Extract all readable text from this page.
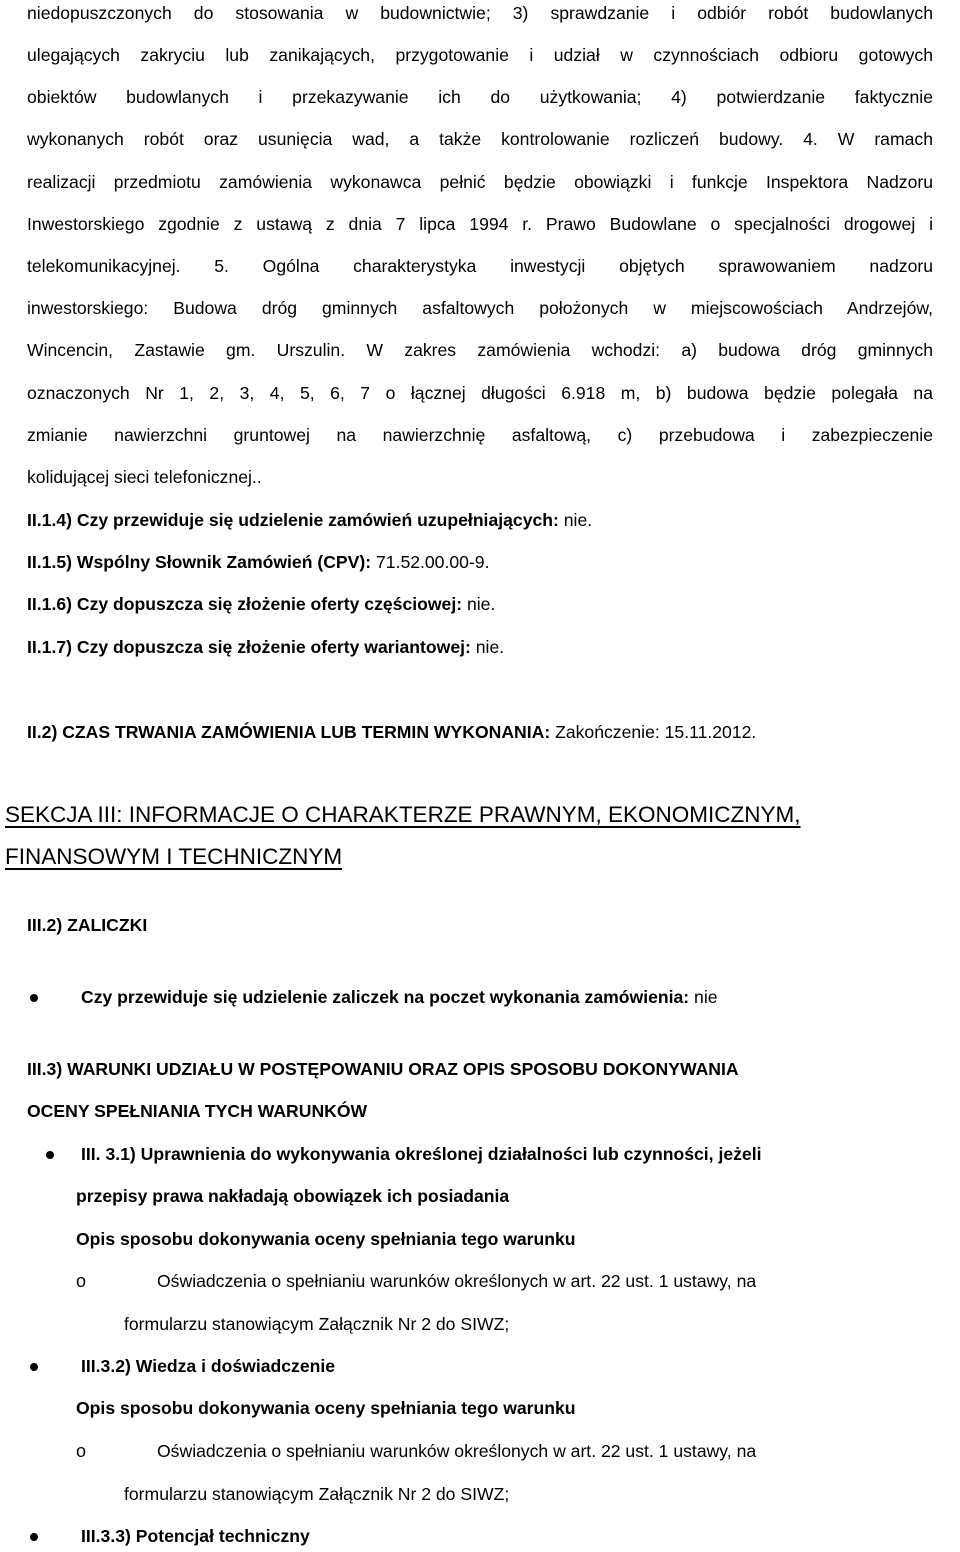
niedopuszczonych do stosowania w budownictwie; 3) sprawdzanie i odbiór robót budowlanych
ulegających zakryciu lub zanikających, przygotowanie i udział w czynnościach odbioru gotowych
obiektów budowlanych i przekazywanie ich do użytkowania; 4) potwierdzanie faktycznie
wykonanych robót oraz usunięcia wad, a także kontrolowanie rozliczeń budowy. 4. W ramach
realizacji przedmiotu zamówienia wykonawca pełnić będzie obowiązki i funkcje Inspektora Nadzoru
Inwestorskiego zgodnie z ustawą z dnia 7 lipca 1994 r. Prawo Budowlane o specjalności drogowej i
telekomunikacyjnej. 5. Ogólna charakterystyka inwestycji objętych sprawowaniem nadzoru
inwestorskiego: Budowa dróg gminnych asfaltowych położonych w miejscowościach Andrzejów,
Wincencin, Zastawie gm. Urszulin. W zakres zamówienia wchodzi: a) budowa dróg gminnych
oznaczonych Nr 1, 2, 3, 4, 5, 6, 7 o łącznej długości 6.918 m, b) budowa będzie polegała na
zmianie nawierzchni gruntowej na nawierzchnię asfaltową, c) przebudowa i zabezpieczenie
kolidującej sieci telefonicznej..
II.1.4) Czy przewiduje się udzielenie zamówień uzupełniających: nie.
II.1.5) Wspólny Słownik Zamówień (CPV): 71.52.00.00-9.
II.1.6) Czy dopuszcza się złożenie oferty częściowej: nie.
II.1.7) Czy dopuszcza się złożenie oferty wariantowej: nie.
II.2) CZAS TRWANIA ZAMÓWIENIA LUB TERMIN WYKONANIA: Zakończenie: 15.11.2012.
SEKCJA III: INFORMACJE O CHARAKTERZE PRAWNYM, EKONOMICZNYM,
FINANSOWYM I TECHNICZNYM
III.2) ZALICZKI
Czy przewiduje się udzielenie zaliczek na poczet wykonania zamówienia: nie
III.3) WARUNKI UDZIAŁU W POSTĘPOWANIU ORAZ OPIS SPOSOBU DOKONYWANIA
OCENY SPEŁNIANIA TYCH WARUNKÓW
III. 3.1) Uprawnienia do wykonywania określonej działalności lub czynności, jeżeli
przepisy prawa nakładają obowiązek ich posiadania
Opis sposobu dokonywania oceny spełniania tego warunku
o	Oświadczenia o spełnianiu warunków określonych w art. 22 ust. 1 ustawy, na
formularzu stanowiącym Załącznik Nr 2 do SIWZ;
III.3.2) Wiedza i doświadczenie
Opis sposobu dokonywania oceny spełniania tego warunku
o	Oświadczenia o spełnianiu warunków określonych w art. 22 ust. 1 ustawy, na
formularzu stanowiącym Załącznik Nr 2 do SIWZ;
III.3.3) Potencjał techniczny
